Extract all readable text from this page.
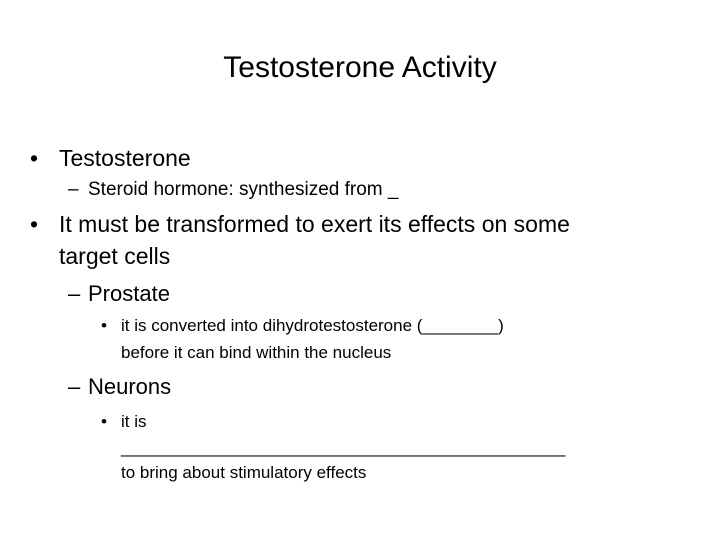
Testosterone Activity
• Testosterone
– Steroid hormone: synthesized from _
• It must be transformed to exert its effects on some
target cells
– Prostate
• it is converted into dihydrotestosterone (________)
before it can bind within the nucleus
– Neurons
• it is
________________________________________________
to bring about stimulatory effects
